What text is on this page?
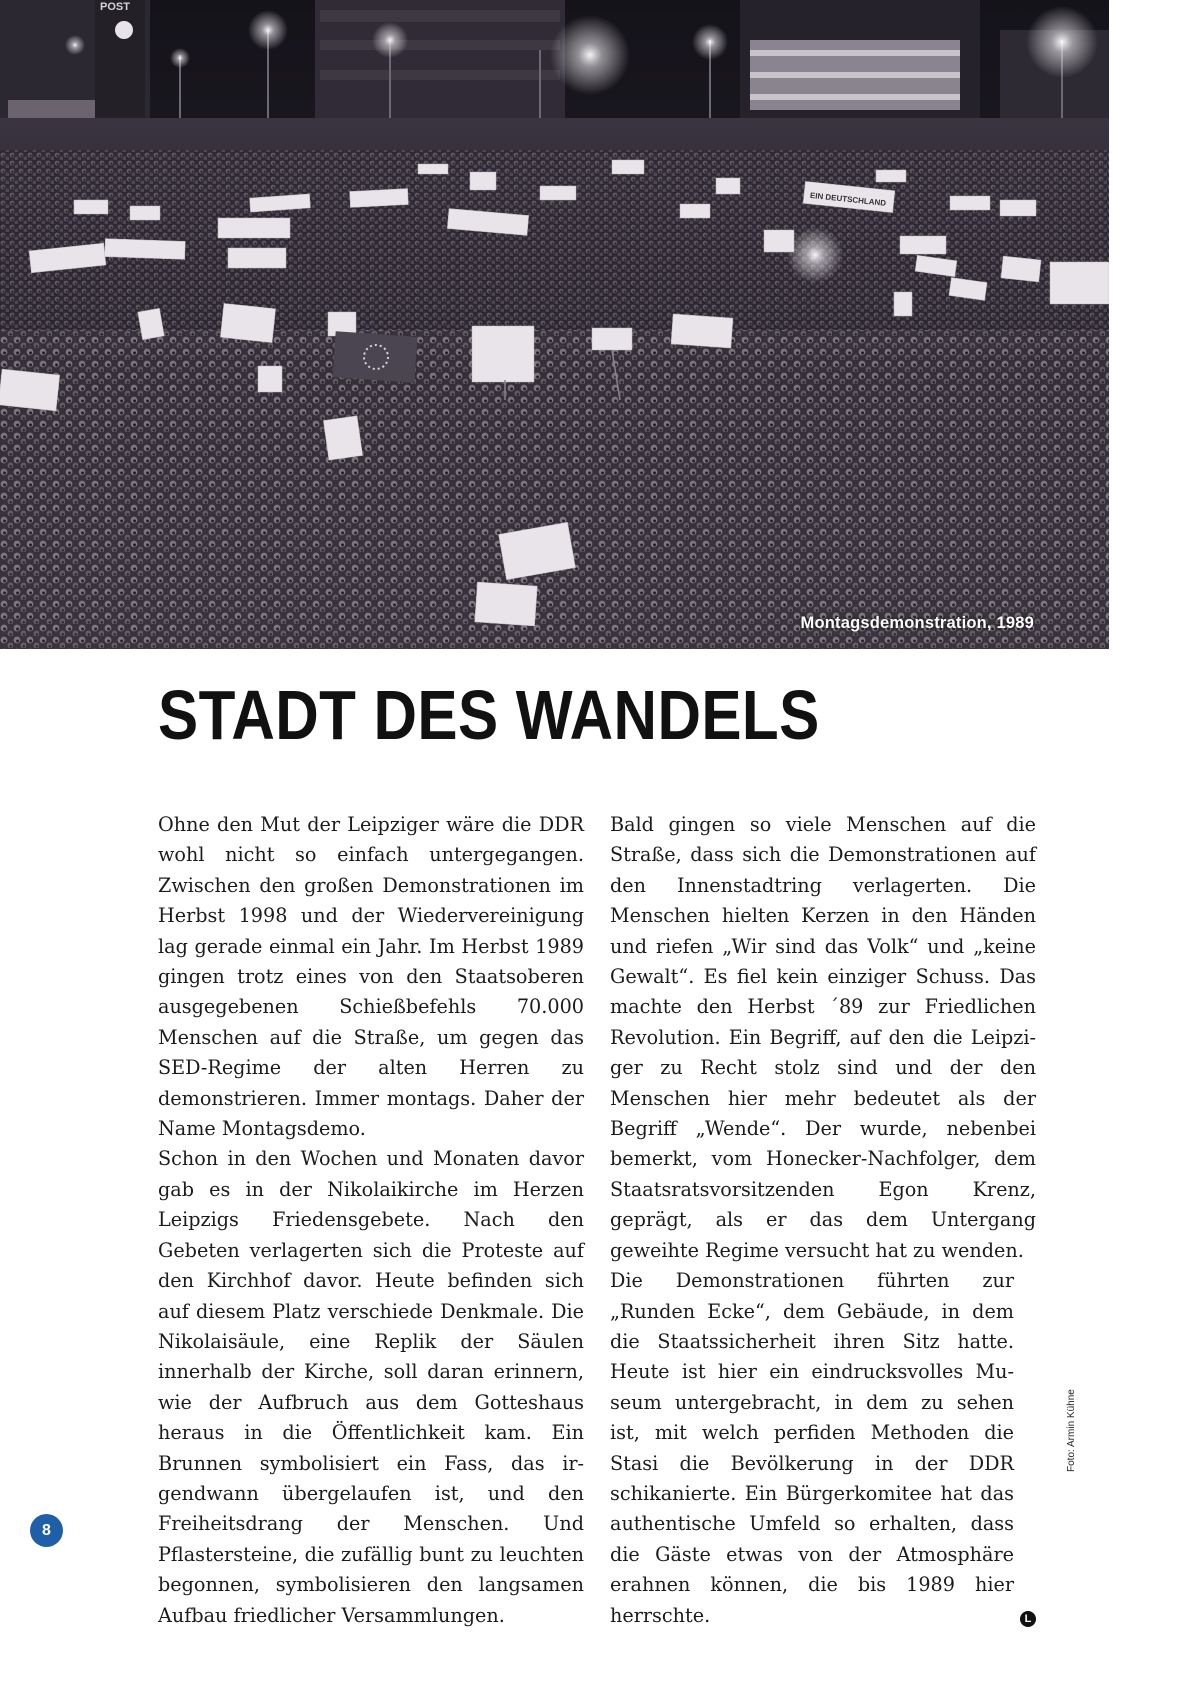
POST
EIN DEUTSCHLAND
Montagsdemonstration, 1989
STADT DES WANDELS

Ohne den Mut der Leipziger wäre die DDR wohl nicht so einfach untergegangen. Zwischen den großen Demonstrationen im Herbst 1998 und der Wiedervereinigung lag gerade einmal ein Jahr. Im Herbst 1989 gingen trotz eines von den Staatsoberen ausgegebenen Schießbefehls 70.000 Menschen auf die Straße, um gegen das SED-Regime der alten Herren zu demonstrieren. Immer montags. Daher der Name Montagsdemo.

Schon in den Wochen und Monaten davor gab es in der Nikolaikirche im Herzen Leipzigs Friedensgebete. Nach den Gebeten verlagerten sich die Proteste auf den Kirchhof davor. Heute befinden sich auf diesem Platz verschiede Denkmale. Die Nikolaisäule, eine Replik der Säulen innerhalb der Kirche, soll daran erinnern, wie der Aufbruch aus dem Gotteshaus heraus in die Öffentlichkeit kam. Ein Brunnen symbolisiert ein Fass, das irgendwann übergelaufen ist, und den Freiheitsdrang der Menschen. Und Pflastersteine, die zufällig bunt zu leuchten begonnen, symbolisieren den langsamen Aufbau friedlicher Versammlungen.

Bald gingen so viele Menschen auf die Straße, dass sich die Demonstrationen auf den Innenstadtring verlagerten. Die Menschen hielten Kerzen in den Händen und riefen „Wir sind das Volk“ und „keine Gewalt“. Es fiel kein einziger Schuss. Das machte den Herbst ´89 zur Friedlichen Revolution. Ein Begriff, auf den die Leipziger zu Recht stolz sind und der den Menschen hier mehr bedeutet als der Begriff „Wende“. Der wurde, nebenbei bemerkt, vom Honecker-Nachfolger, dem Staatsratsvorsitzenden Egon Krenz, geprägt, als er das dem Untergang geweihte Regime versucht hat zu wenden.

Die Demonstrationen führten zur „Runden Ecke“, dem Gebäude, in dem die Staatssicherheit ihren Sitz hatte. Heute ist hier ein eindrucksvolles Museum untergebracht, in dem zu sehen ist, mit welch perfiden Methoden die Stasi die Bevölkerung in der DDR schikanierte. Ein Bürgerkomitee hat das authentische Umfeld so erhalten, dass die Gäste etwas von der Atmosphäre erahnen können, die bis 1989 hier herrschte.	L
Foto: Armin Kühne
8
